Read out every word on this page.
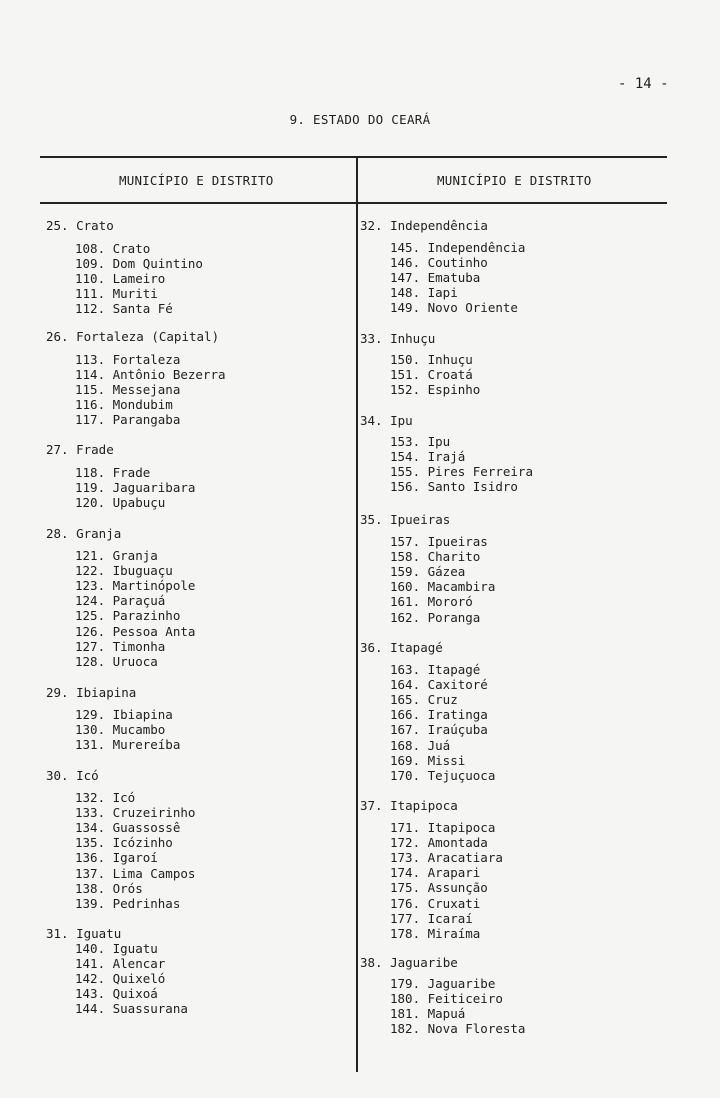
- 14 -
9. ESTADO DO CEARÁ
MUNICÍPIO E DISTRITO	MUNICÍPIO E DISTRITO
25. Crato
108. Crato
109. Dom Quintino
110. Lameiro
111. Muriti
112. Santa Fé
26. Fortaleza (Capital)
113. Fortaleza
114. Antônio Bezerra
115. Messejana
116. Mondubim
117. Parangaba
27. Frade
118. Frade
119. Jaguaribara
120. Upabuçu
28. Granja
121. Granja
122. Ibuguaçu
123. Martinópole
124. Paraçuá
125. Parazinho
126. Pessoa Anta
127. Timonha
128. Uruoca
29. Ibiapina
129. Ibiapina
130. Mucambo
131. Murereíba
30. Icó
132. Icó
133. Cruzeirinho
134. Guassossê
135. Icózinho
136. Igaroí
137. Lima Campos
138. Orós
139. Pedrinhas
31. Iguatu
140. Iguatu
141. Alencar
142. Quixeló
143. Quixoá
144. Suassurana
32. Independência
145. Independência
146. Coutinho
147. Ematuba
148. Iapi
149. Novo Oriente
33. Inhuçu
150. Inhuçu
151. Croatá
152. Espinho
34. Ipu
153. Ipu
154. Irajá
155. Pires Ferreira
156. Santo Isidro
35. Ipueiras
157. Ipueiras
158. Charito
159. Gázea
160. Macambira
161. Mororó
162. Poranga
36. Itapagé
163. Itapagé
164. Caxitoré
165. Cruz
166. Iratinga
167. Iraúçuba
168. Juá
169. Missi
170. Tejuçuoca
37. Itapipoca
171. Itapipoca
172. Amontada
173. Aracatiara
174. Arapari
175. Assunção
176. Cruxati
177. Icaraí
178. Miraíma
38. Jaguaribe
179. Jaguaribe
180. Feiticeiro
181. Mapuá
182. Nova Floresta
